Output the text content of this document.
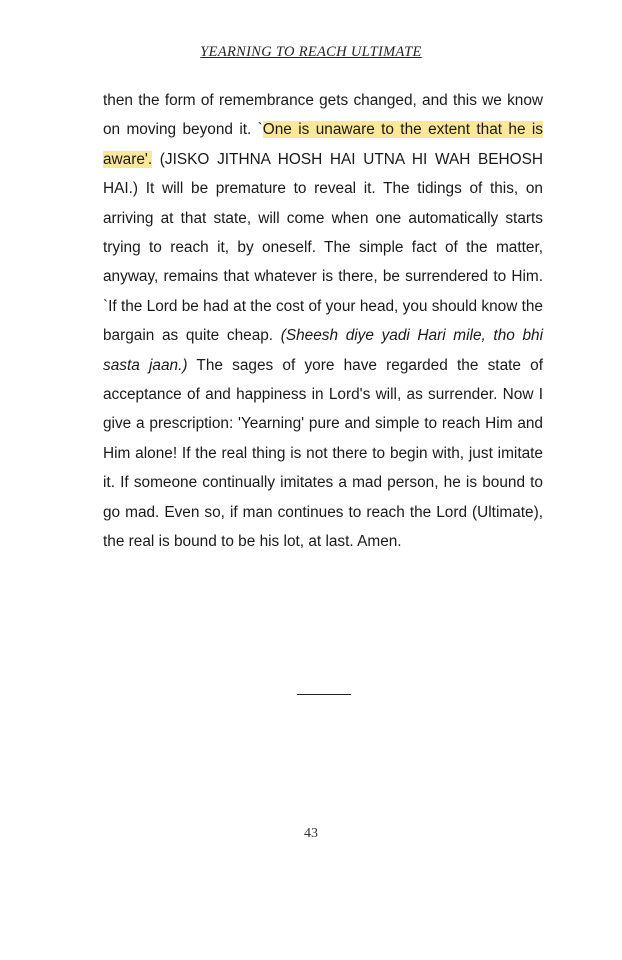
YEARNING TO REACH ULTIMATE

then the form of remembrance gets changed, and this we know on moving beyond it. `One is unaware to the extent that he is aware'. (JISKO JITHNA HOSH HAI UTNA HI WAH BEHOSH HAI.) It will be premature to reveal it. The tidings of this, on arriving at that state, will come when one automatically starts trying to reach it, by oneself. The simple fact of the matter, anyway, remains that whatever is there, be surrendered to Him. `If the Lord be had at the cost of your head, you should know the bargain as quite cheap. (Sheesh diye yadi Hari mile, tho bhi sasta jaan.) The sages of yore have regarded the state of acceptance of and happiness in Lord's will, as surrender. Now I give a prescription: 'Yearning' pure and simple to reach Him and Him alone! If the real thing is not there to begin with, just imitate it. If someone continually imitates a mad person, he is bound to go mad. Even so, if man continues to reach the Lord (Ultimate), the real is bound to be his lot, at last. Amen.

43
